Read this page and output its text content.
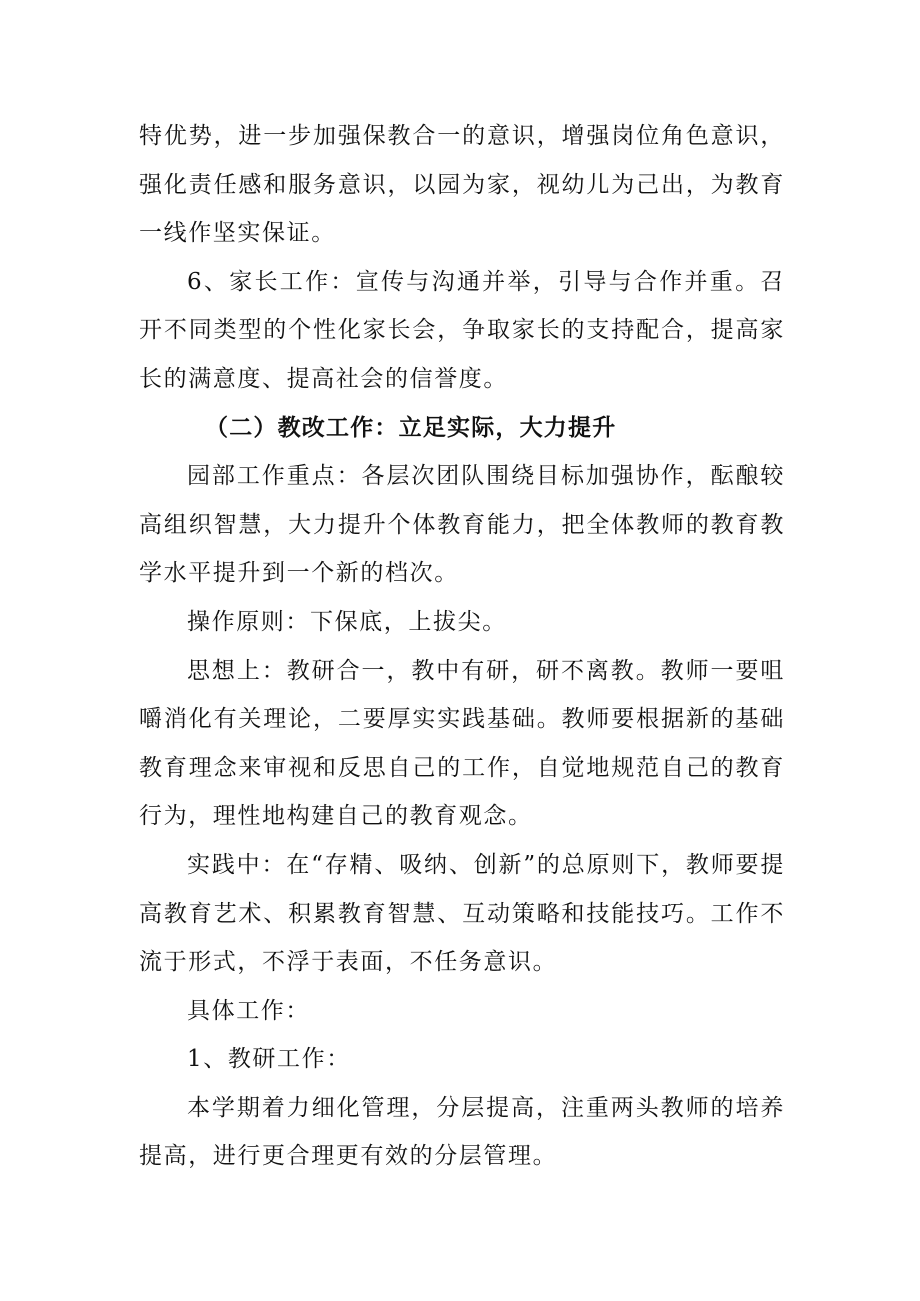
特优势，进一步加强保教合一的意识，增强岗位角色意识，强化责任感和服务意识，以园为家，视幼儿为己出，为教育一线作坚实保证。

6、家长工作：宣传与沟通并举，引导与合作并重。召开不同类型的个性化家长会，争取家长的支持配合，提高家长的满意度、提高社会的信誉度。

（二）教改工作：立足实际，大力提升

园部工作重点：各层次团队围绕目标加强协作，酝酿较高组织智慧，大力提升个体教育能力，把全体教师的教育教学水平提升到一个新的档次。

操作原则：下保底，上拔尖。

思想上：教研合一，教中有研，研不离教。教师一要咀嚼消化有关理论，二要厚实实践基础。教师要根据新的基础教育理念来审视和反思自己的工作，自觉地规范自己的教育行为，理性地构建自己的教育观念。

实践中：在“存精、吸纳、创新”的总原则下，教师要提高教育艺术、积累教育智慧、互动策略和技能技巧。工作不流于形式，不浮于表面，不任务意识。

具体工作：

1、教研工作：

本学期着力细化管理，分层提高，注重两头教师的培养提高，进行更合理更有效的分层管理。
